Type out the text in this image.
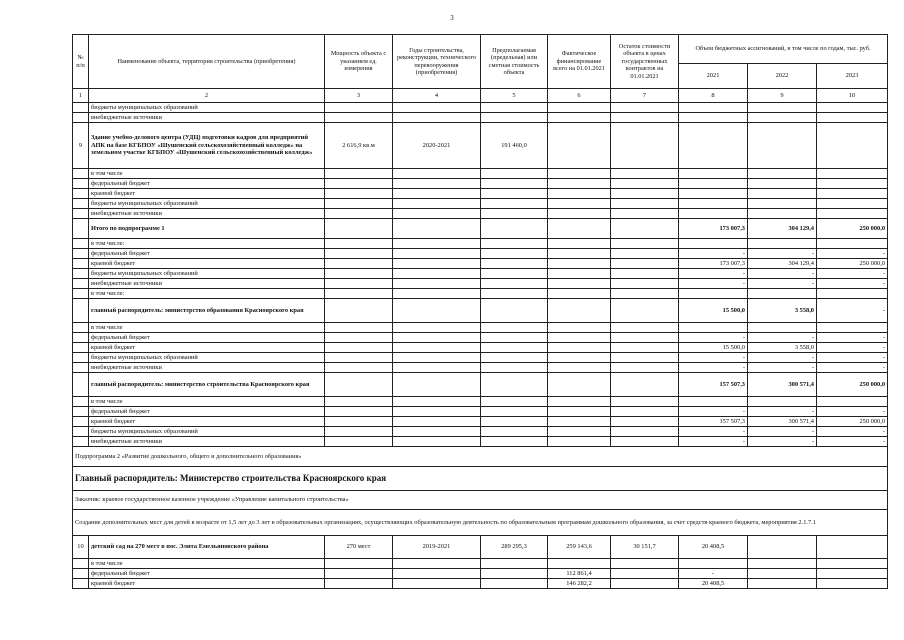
3
№ п/п	Наименование объекта, территория строительства (приобретения)	Мощность объекта с указанием ед. измерения	Годы строительства, реконструкции, технического перевооружения (приобретения)	Предполагаемая (предельная) или сметная стоимость объекта	Фактическое финансирование всего на 01.01.2021	Остаток стоимости объекта в ценах государственных контрактов на 01.01.2021	Объем бюджетных ассигнований, в том числе по годам, тыс. руб.		
							2021	2022	2023
1	2	3	4	5	6	7	8	9	10
	бюджеты муниципальных образований								
	внебюджетные источники								
9	Здание учебно-делового центра (УДЦ) подготовки кадров для предприятий АПК на базе КГБПОУ «Шушенский сельскохозяйственный колледж» на земельном участке КГБПОУ «Шушенский сельскохозяйственный колледж»	2 616,9 кв.м	2020-2021	191 460,0					
	в том числе								
	федеральный бюджет								
	краевой бюджет								
	бюджеты муниципальных образований								
	внебюджетные источники								
	Итого по подпрограмме 1						173 007,3	304 129,4	250 000,0
	в том числе:								
	федеральный бюджет						-	-	-
	краевой бюджет						173 007,3	304 129,4	250 000,0
	бюджеты муниципальных образований						-	-	-
	внебюджетные источники						-	-	-
	в том числе:								
	главный распорядитель: министерство образования Красноярского края						15 500,0	3 558,0	-
	в том числе								
	федеральный бюджет						-	-	-
	краевой бюджет						15 500,0	3 558,0	-
	бюджеты муниципальных образований						-	-	-
	внебюджетные источники						-	-	-
	главный распорядитель: министерство строительства Красноярского края						157 507,3	300 571,4	250 000,0
	в том числе								
	федеральный бюджет						-	-	-
	краевой бюджет						157 507,3	300 571,4	250 000,0
	бюджеты муниципальных образований						-	-	-
	внебюджетные источники						-	-	-
Подпрограмма 2 «Развитие дошкольного, общего и дополнительного образования»									
Главный распорядитель: Министерство строительства Красноярского края									
Заказчик: краевое государственное казенное учреждение «Управление капитального строительства»									
Создание дополнительных мест для детей в возрасте от 1,5 лет до 3 лет в образовательных организациях, осуществляющих образовательную деятельность по образовательным программам дошкольного образования, за счет средств краевого бюджета, мероприятия 2.1.7.1									
10	детский сад на 270 мест в пос. Элита Емельяновского района	270 мест	2019-2021	289 295,3	259 143,6	30 151,7	20 408,5		
	в том числе								
	федеральный бюджет				112 861,4		-		
	краевой бюджет				146 282,2		20 408,5		
